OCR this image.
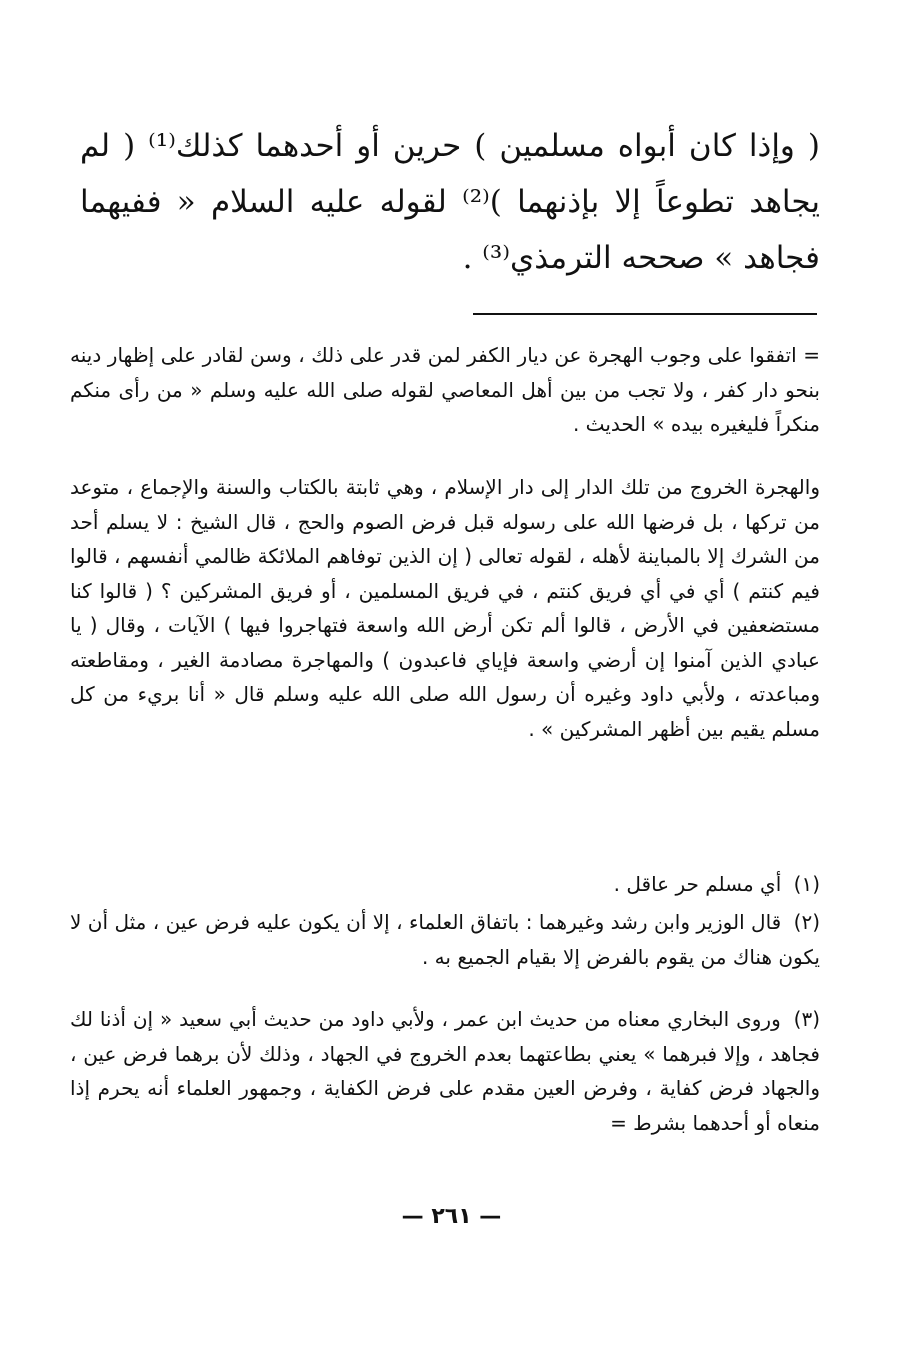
( وإذا كان أبواه مسلمين ) حرين أو أحدهما كذلك⁽¹⁾ ( لم يجاهد تطوعاً إلا بإذنهما )⁽²⁾ لقوله عليه السلام « ففيهما فجاهد » صححه الترمذي⁽³⁾ .

= اتفقوا على وجوب الهجرة عن ديار الكفر لمن قدر على ذلك ، وسن لقادر على إظهار دينه بنحو دار كفر ، ولا تجب من بين أهل المعاصي لقوله صلى الله عليه وسلم « من رأى منكم منكراً فليغيره بيده » الحديث .

والهجرة الخروج من تلك الدار إلى دار الإسلام ، وهي ثابتة بالكتاب والسنة والإجماع ، متوعد من تركها ، بل فرضها الله على رسوله قبل فرض الصوم والحج ، قال الشيخ : لا يسلم أحد من الشرك إلا بالمباينة لأهله ، لقوله تعالى ( إن الذين توفاهم الملائكة ظالمي أنفسهم ، قالوا فيم كنتم ) أي في أي فريق كنتم ، في فريق المسلمين ، أو فريق المشركين ؟ ( قالوا كنا مستضعفين في الأرض ، قالوا ألم تكن أرض الله واسعة فتهاجروا فيها ) الآيات ، وقال ( يا عبادي الذين آمنوا إن أرضي واسعة فإياي فاعبدون ) والمهاجرة مصادمة الغير ، ومقاطعته ومباعدته ، ولأبي داود وغيره أن رسول الله صلى الله عليه وسلم قال « أنا بريء من كل مسلم يقيم بين أظهر المشركين » .

(١) أي مسلم حر عاقل .

(٢) قال الوزير وابن رشد وغيرهما : باتفاق العلماء ، إلا أن يكون عليه فرض عين ، مثل أن لا يكون هناك من يقوم بالفرض إلا بقيام الجميع به .

(٣) وروى البخاري معناه من حديث ابن عمر ، ولأبي داود من حديث أبي سعيد « إن أذنا لك فجاهد ، وإلا فبرهما » يعني بطاعتهما بعدم الخروج في الجهاد ، وذلك لأن برهما فرض عين ، والجهاد فرض كفاية ، وفرض العين مقدم على فرض الكفاية ، وجمهور العلماء أنه يحرم إذا منعاه أو أحدهما بشرط =

— ٢٦١ —
